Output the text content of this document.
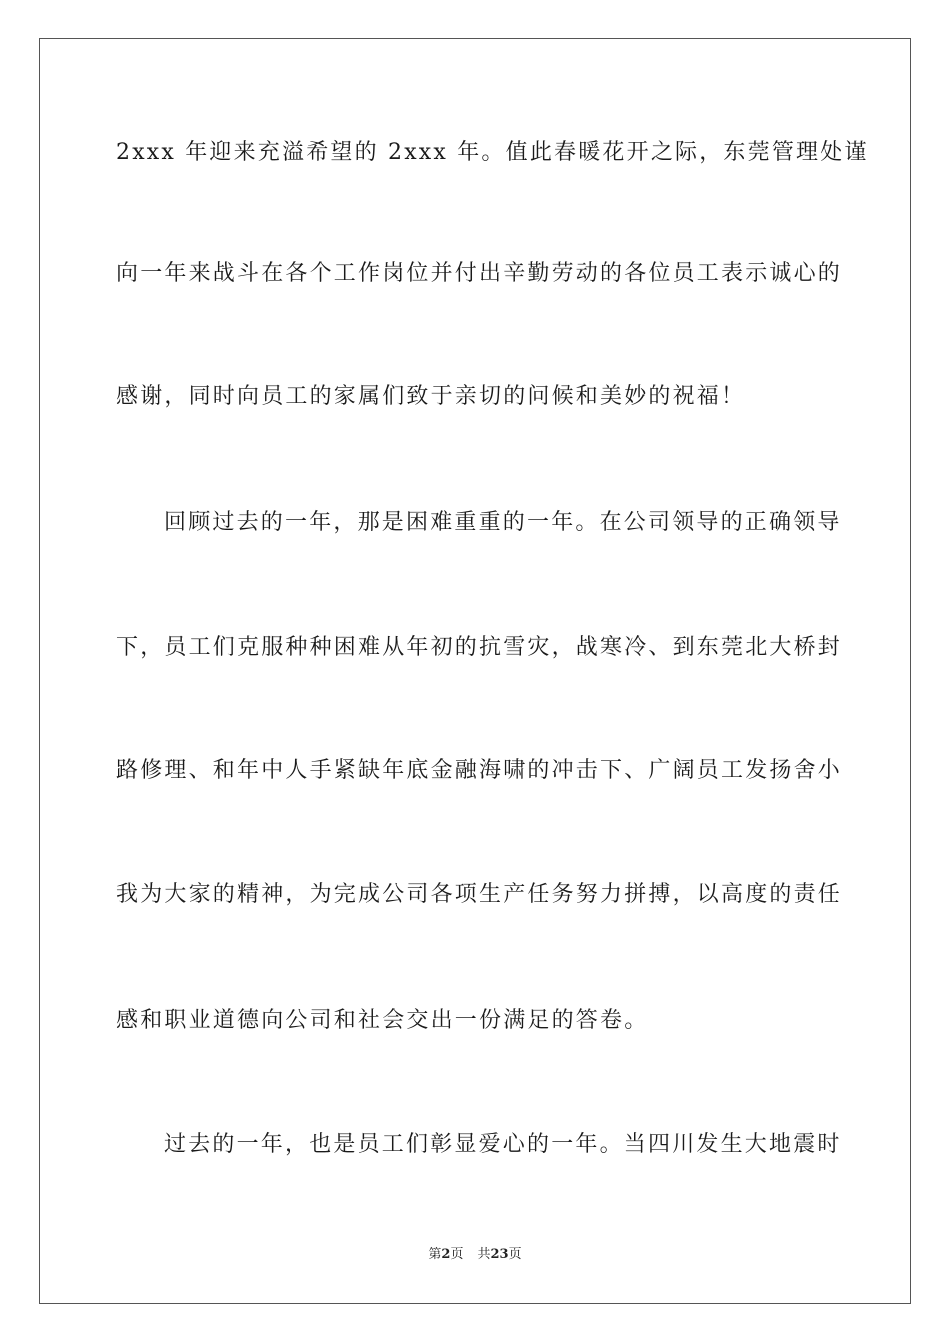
2xxx 年迎来充溢希望的 2xxx 年。值此春暖花开之际，东莞管理处谨
向一年来战斗在各个工作岗位并付出辛勤劳动的各位员工表示诚心的
感谢，同时向员工的家属们致于亲切的问候和美妙的祝福！
回顾过去的一年，那是困难重重的一年。在公司领导的正确领导
下，员工们克服种种困难从年初的抗雪灾，战寒冷、到东莞北大桥封
路修理、和年中人手紧缺年底金融海啸的冲击下、广阔员工发扬舍小
我为大家的精神，为完成公司各项生产任务努力拼搏，以高度的责任
感和职业道德向公司和社会交出一份满足的答卷。
过去的一年，也是员工们彰显爱心的一年。当四川发生大地震时
第2页 共23页
